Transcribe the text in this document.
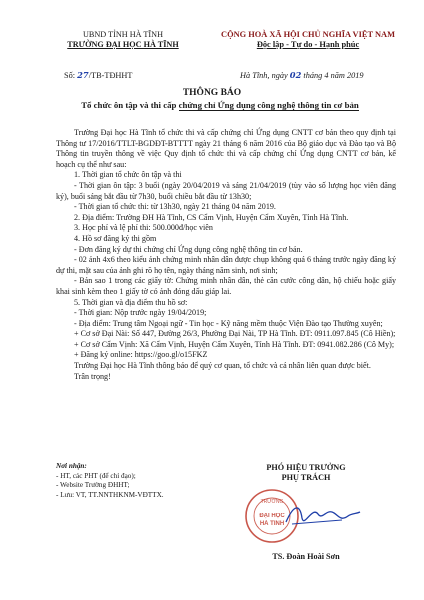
UBND TỈNH HÀ TĨNH
TRƯỜNG ĐẠI HỌC HÀ TĨNH
CỘNG HOÀ XÃ HỘI CHỦ NGHĨA VIỆT NAM
Độc lập - Tự do - Hạnh phúc
Số: 27/TB-TĐHHT	Hà Tĩnh, ngày 02 tháng 4 năm 2019
THÔNG BÁO
Tổ chức ôn tập và thi cấp chứng chỉ Ứng dụng công nghệ thông tin cơ bản

Trường Đại học Hà Tĩnh tổ chức thi và cấp chứng chỉ Ứng dụng CNTT cơ bản theo quy định tại Thông tư 17/2016/TTLT-BGDĐT-BTTTT ngày 21 tháng 6 năm 2016 của Bộ giáo dục và Đào tạo và Bộ Thông tin truyền thông về việc Quy định tổ chức thi và cấp chứng chỉ Ứng dụng CNTT cơ bản, kế hoạch cụ thể như sau:

1. Thời gian tổ chức ôn tập và thi

- Thời gian ôn tập: 3 buổi (ngày 20/04/2019 và sáng 21/04/2019 (tùy vào số lượng học viên đăng ký), buổi sáng bắt đầu từ 7h30, buổi chiều bắt đầu từ 13h30;

- Thời gian tổ chức thi: từ 13h30, ngày 21 tháng 04 năm 2019.

2. Địa điểm: Trường ĐH Hà Tĩnh, CS Cẩm Vịnh, Huyện Cẩm Xuyên, Tỉnh Hà Tĩnh.

3. Học phí và lệ phí thi: 500.000đ/học viên

4. Hồ sơ đăng ký thi gồm

- Đơn đăng ký dự thi chứng chỉ Ứng dụng công nghệ thông tin cơ bản.

- 02 ảnh 4x6 theo kiểu ảnh chứng minh nhân dân được chụp không quá 6 tháng trước ngày đăng ký dự thi, mặt sau của ảnh ghi rõ họ tên, ngày tháng năm sinh, nơi sinh;

- Bản sao 1 trong các giấy tờ: Chứng minh nhân dân, thẻ căn cước công dân, hộ chiếu hoặc giấy khai sinh kèm theo 1 giấy tờ có ảnh đóng dấu giáp lai.

5. Thời gian và địa điểm thu hồ sơ:

- Thời gian: Nộp trước ngày 19/04/2019;

- Địa điểm: Trung tâm Ngoại ngữ - Tin học - Kỹ năng mềm thuộc Viện Đào tạo Thường xuyên;

+ Cơ sở Đại Nài: Số 447, Đường 26/3, Phường Đại Nài, TP Hà Tĩnh. ĐT: 0911.097.845 (Cô Hiền);

+ Cơ sở Cẩm Vịnh: Xã Cẩm Vịnh, Huyện Cẩm Xuyên, Tỉnh Hà Tĩnh. ĐT: 0941.082.286 (Cô My);

+ Đăng ký online: https://goo.gl/o15FKZ

Trường Đại học Hà Tĩnh thông báo để quý cơ quan, tổ chức và cá nhân liên quan được biết.

Trân trọng!

Nơi nhận:
- HT, các PHT (để chỉ đạo);
- Website Trường ĐHHT;
- Lưu: VT, TT.NNTHKNM-VĐTTX.
PHÓ HIỆU TRƯỞNG
PHỤ TRÁCH
TRƯỜNG
ĐẠI HỌC
HÀ TĨNH
TS. Đoàn Hoài Sơn
